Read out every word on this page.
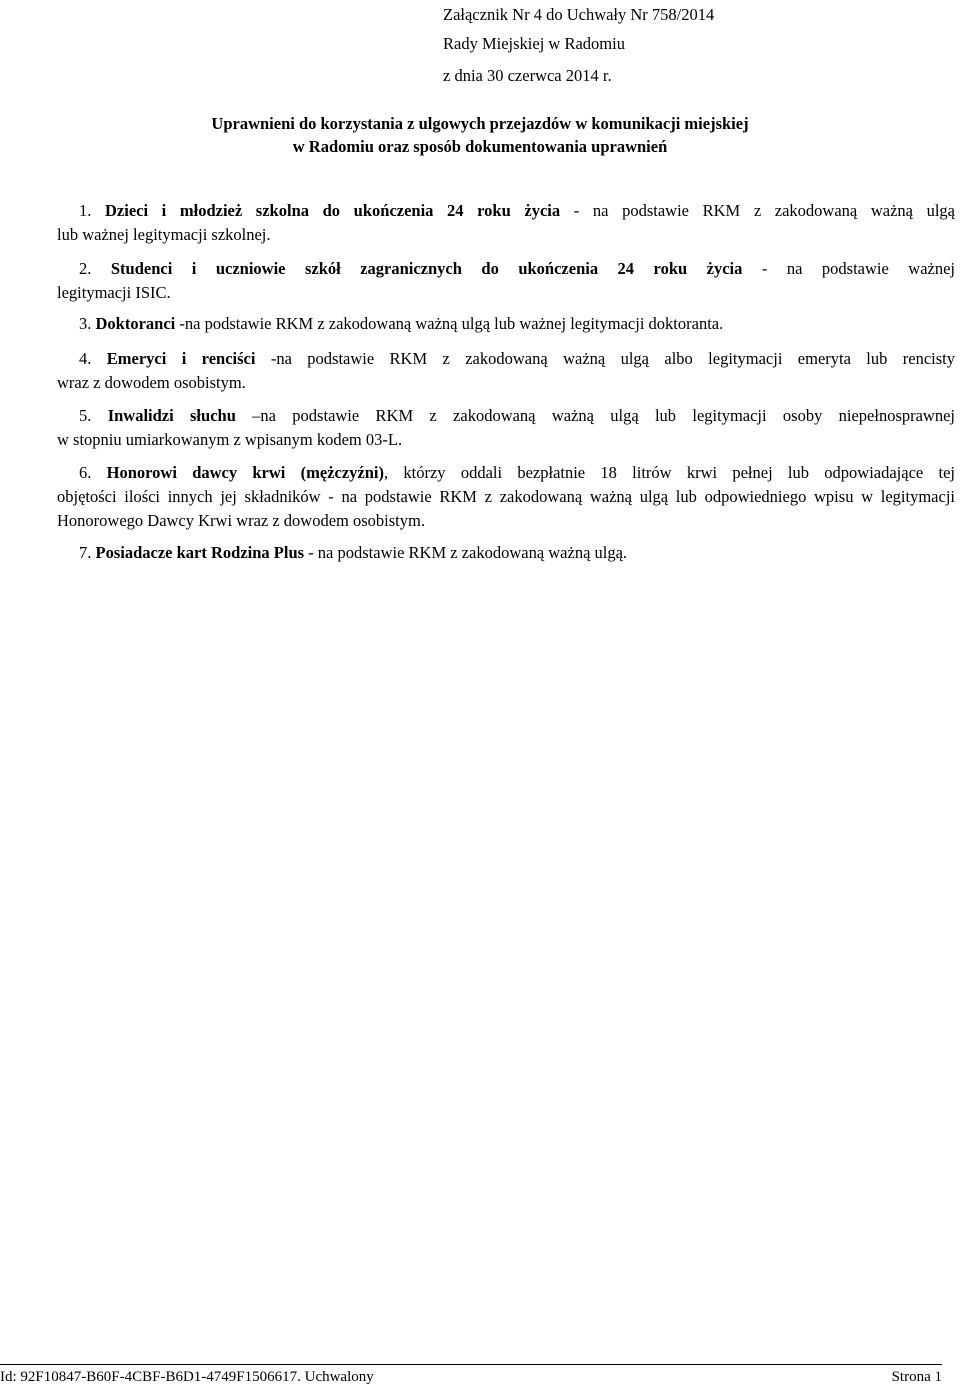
Załącznik Nr 4 do Uchwały Nr 758/2014
Rady Miejskiej w Radomiu
z dnia 30 czerwca 2014 r.
Uprawnieni do korzystania z ulgowych przejazdów w komunikacji miejskiej
w Radomiu oraz sposób dokumentowania uprawnień
1. Dzieci i młodzież szkolna do ukończenia 24 roku życia - na podstawie RKM z zakodowaną ważną ulgą
lub ważnej legitymacji szkolnej.
2. Studenci i uczniowie szkół zagranicznych do ukończenia 24 roku życia - na podstawie ważnej
legitymacji ISIC.
3. Doktoranci -na podstawie RKM z zakodowaną ważną ulgą lub ważnej legitymacji doktoranta.
4. Emeryci i renciści -na podstawie RKM z zakodowaną ważną ulgą albo legitymacji emeryta lub rencisty
wraz z dowodem osobistym.
5. Inwalidzi słuchu –na podstawie RKM z zakodowaną ważną ulgą lub legitymacji osoby niepełnosprawnej
w stopniu umiarkowanym z wpisanym kodem 03-L.
6. Honorowi dawcy krwi (mężczyźni), którzy oddali bezpłatnie 18 litrów krwi pełnej lub odpowiadające tej
objętości ilości innych jej składników - na podstawie RKM z zakodowaną ważną ulgą lub odpowiedniego wpisu w legitymacji Honorowego Dawcy Krwi wraz z dowodem osobistym.
7. Posiadacze kart Rodzina Plus - na podstawie RKM z zakodowaną ważną ulgą.
Id: 92F10847-B60F-4CBF-B6D1-4749F1506617. Uchwalony	Strona 1
